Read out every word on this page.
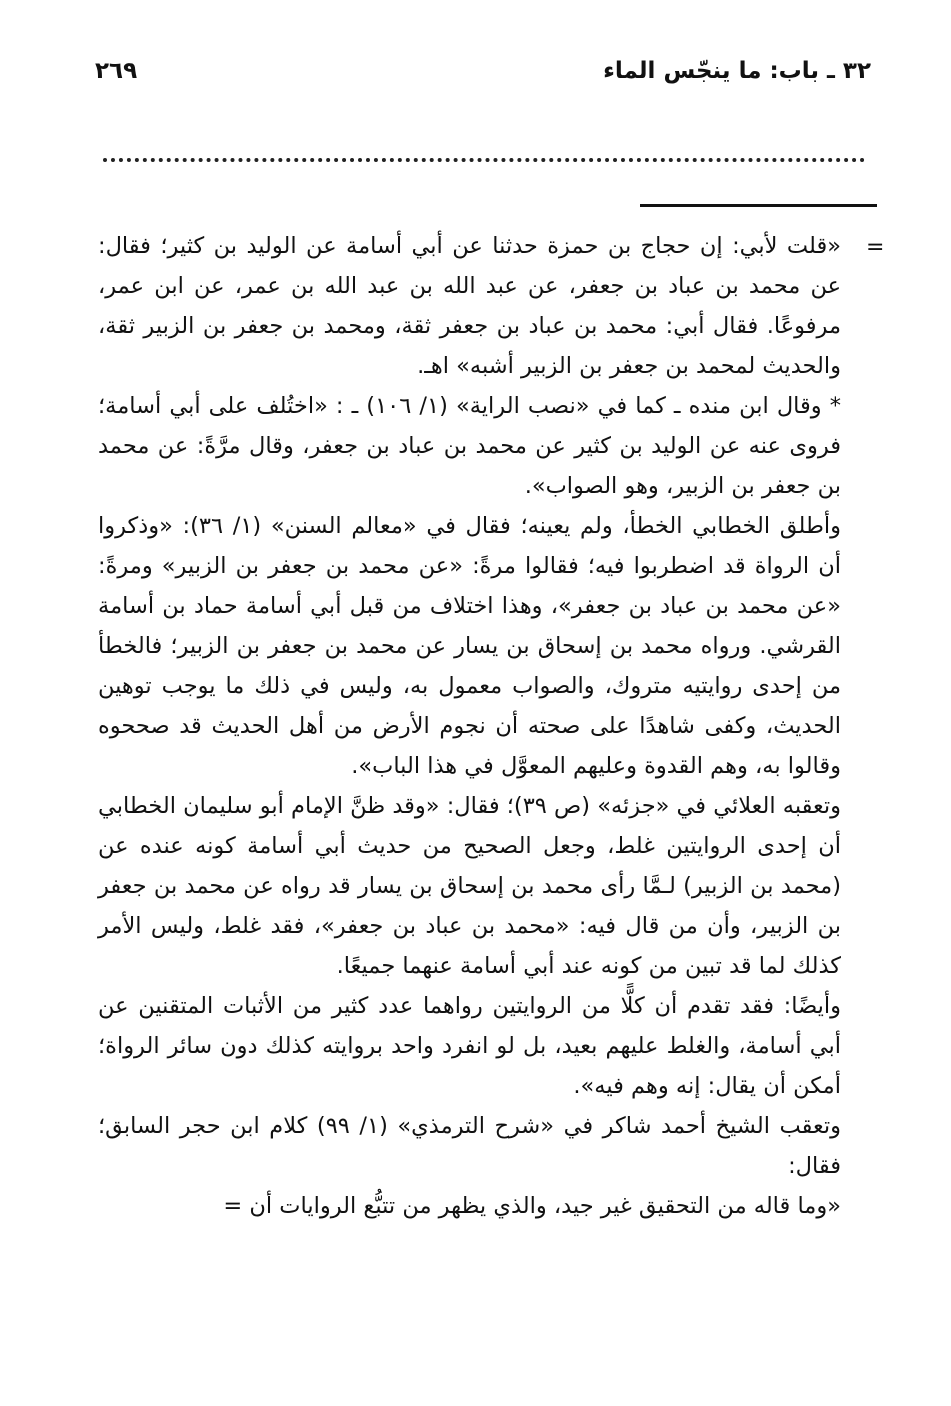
٣٢ ـ باب: ما ينجّس الماء
٢٦٩
=

«قلت لأبي: إن حجاج بن حمزة حدثنا عن أبي أسامة عن الوليد بن كثير؛ فقال: عن محمد بن عباد بن جعفر، عن عبد الله بن عبد الله بن عمر، عن ابن عمر، مرفوعًا. فقال أبي: محمد بن عباد بن جعفر ثقة، ومحمد بن جعفر بن الزبير ثقة، والحديث لمحمد بن جعفر بن الزبير أشبه» اهـ.

* وقال ابن منده ـ كما في «نصب الراية» (١/ ١٠٦) ـ : «اختُلف على أبي أسامة؛ فروى عنه عن الوليد بن كثير عن محمد بن عباد بن جعفر، وقال مرَّةً: عن محمد بن جعفر بن الزبير، وهو الصواب».

وأطلق الخطابي الخطأ، ولم يعينه؛ فقال في «معالم السنن» (١/ ٣٦): «وذكروا أن الرواة قد اضطربوا فيه؛ فقالوا مرةً: «عن محمد بن جعفر بن الزبير» ومرةً: «عن محمد بن عباد بن جعفر»، وهذا اختلاف من قبل أبي أسامة حماد بن أسامة القرشي. ورواه محمد بن إسحاق بن يسار عن محمد بن جعفر بن الزبير؛ فالخطأ من إحدى روايتيه متروك، والصواب معمول به، وليس في ذلك ما يوجب توهين الحديث، وكفى شاهدًا على صحته أن نجوم الأرض من أهل الحديث قد صححوه وقالوا به، وهم القدوة وعليهم المعوَّل في هذا الباب».

وتعقبه العلائي في «جزئه» (ص ٣٩)؛ فقال: «وقد ظنَّ الإمام أبو سليمان الخطابي أن إحدى الروايتين غلط، وجعل الصحيح من حديث أبي أسامة كونه عنده عن (محمد بن الزبير) لـمَّا رأى محمد بن إسحاق بن يسار قد رواه عن محمد بن جعفر بن الزبير، وأن من قال فيه: «محمد بن عباد بن جعفر»، فقد غلط، وليس الأمر كذلك لما قد تبين من كونه عند أبي أسامة عنهما جميعًا.

وأيضًا: فقد تقدم أن كلًّا من الروايتين رواهما عدد كثير من الأثبات المتقنين عن أبي أسامة، والغلط عليهم بعيد، بل لو انفرد واحد بروايته كذلك دون سائر الرواة؛ أمكن أن يقال: إنه وهم فيه».

وتعقب الشيخ أحمد شاكر في «شرح الترمذي» (١/ ٩٩) كلام ابن حجر السابق؛ فقال:

«وما قاله من التحقيق غير جيد، والذي يظهر من تتبُّع الروايات أن =
